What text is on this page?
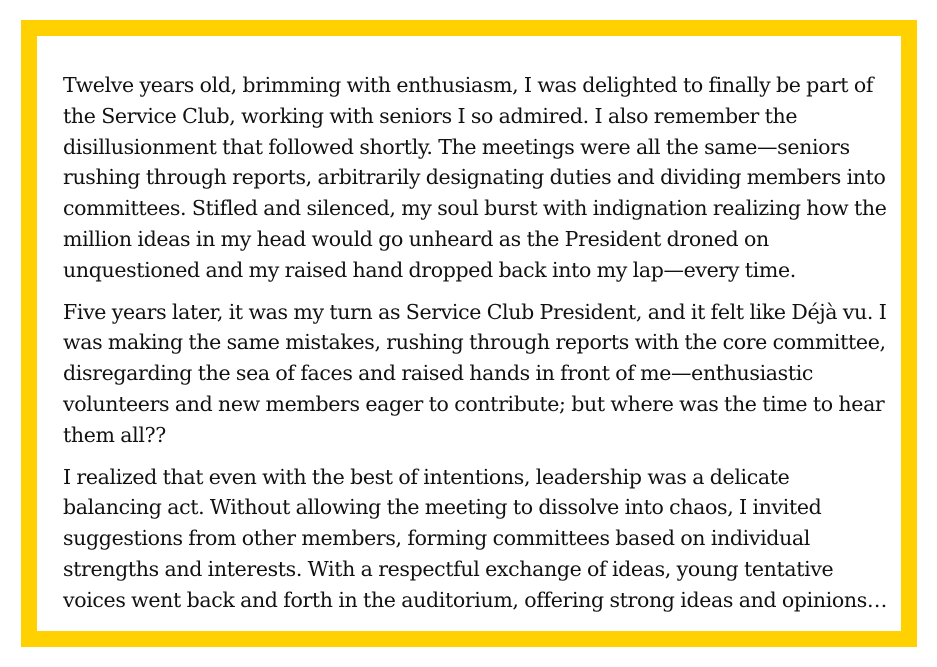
Twelve years old, brimming with enthusiasm, I was delighted to finally be part of the Service Club, working with seniors I so admired. I also remember the disillusionment that followed shortly. The meetings were all the same—seniors rushing through reports, arbitrarily designating duties and dividing members into committees. Stifled and silenced, my soul burst with indignation realizing how the million ideas in my head would go unheard as the President droned on unquestioned and my raised hand dropped back into my lap—every time.

Five years later, it was my turn as Service Club President, and it felt like Déjà vu. I was making the same mistakes, rushing through reports with the core committee, disregarding the sea of faces and raised hands in front of me—enthusiastic volunteers and new members eager to contribute; but where was the time to hear them all??

I realized that even with the best of intentions, leadership was a delicate balancing act. Without allowing the meeting to dissolve into chaos, I invited suggestions from other members, forming committees based on individual strengths and interests. With a respectful exchange of ideas, young tentative voices went back and forth in the auditorium, offering strong ideas and opinions…
